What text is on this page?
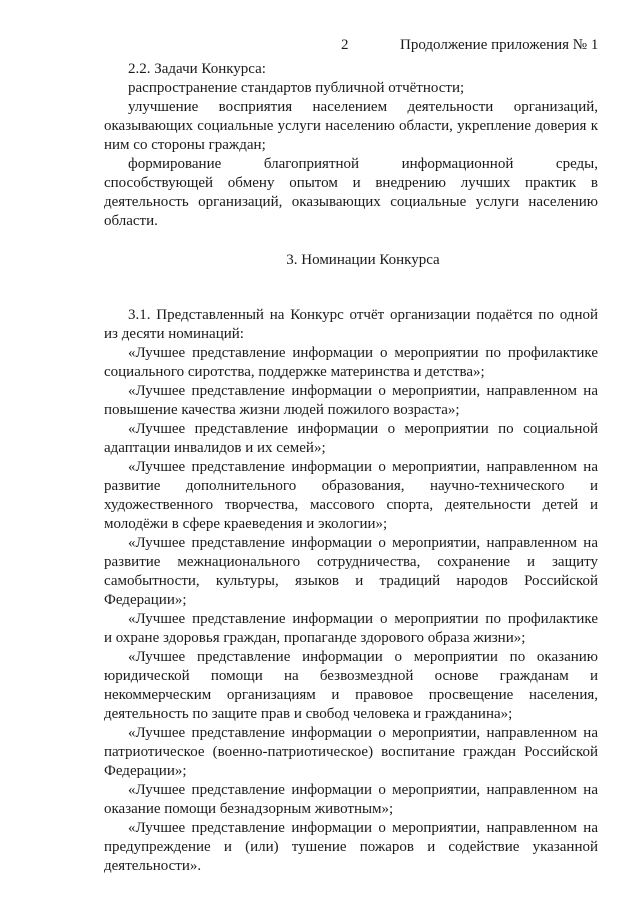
2	Продолжение приложения № 1
2.2. Задачи Конкурса:
распространение стандартов публичной отчётности;
улучшение восприятия населением деятельности организаций,
оказывающих социальные услуги населению области, укрепление доверия к
ним со стороны граждан;
формирование благоприятной информационной среды,
способствующей обмену опытом и внедрению лучших практик в
деятельность организаций, оказывающих социальные услуги населению
области.
3. Номинации Конкурса
3.1. Представленный на Конкурс отчёт организации подаётся по одной
из десяти номинаций:
«Лучшее представление информации о мероприятии по профилактике
социального сиротства, поддержке материнства и детства»;
«Лучшее представление информации о мероприятии, направленном на
повышение качества жизни людей пожилого возраста»;
«Лучшее представление информации о мероприятии по социальной
адаптации инвалидов и их семей»;
«Лучшее представление информации о мероприятии, направленном на
развитие дополнительного образования, научно-технического и
художественного творчества, массового спорта, деятельности детей и
молодёжи в сфере краеведения и экологии»;
«Лучшее представление информации о мероприятии, направленном на
развитие межнационального сотрудничества, сохранение и защиту
самобытности, культуры, языков и традиций народов Российской
Федерации»;
«Лучшее представление информации о мероприятии по профилактике
и охране здоровья граждан, пропаганде здорового образа жизни»;
«Лучшее представление информации о мероприятии по оказанию
юридической помощи на безвозмездной основе гражданам и
некоммерческим организациям и правовое просвещение населения,
деятельность по защите прав и свобод человека и гражданина»;
«Лучшее представление информации о мероприятии, направленном на
патриотическое (военно-патриотическое) воспитание граждан Российской
Федерации»;
«Лучшее представление информации о мероприятии, направленном на
оказание помощи безнадзорным животным»;
«Лучшее представление информации о мероприятии, направленном на
предупреждение и (или) тушение пожаров и содействие указанной
деятельности».
